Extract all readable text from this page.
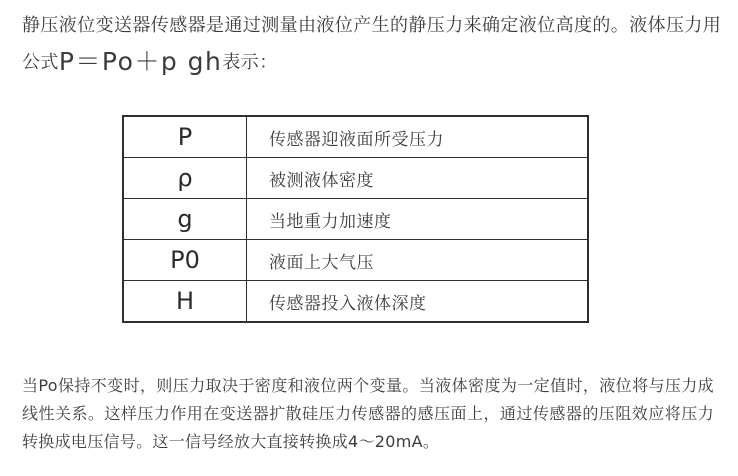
静压液位变送器传感器是通过测量由液位产生的静压力来确定液位高度的。液体压力用公式P＝Po＋p gh表示：
P	传感器迎液面所受压力
ρ	被测液体密度
g	当地重力加速度
P0	液面上大气压
H	传感器投入液体深度

当Po保持不变时，则压力取决于密度和液位两个变量。当液体密度为一定值时，液位将与压力成线性关系。这样压力作用在变送器扩散硅压力传感器的感压面上，通过传感器的压阻效应将压力转换成电压信号。这一信号经放大直接转换成4～20mA。
